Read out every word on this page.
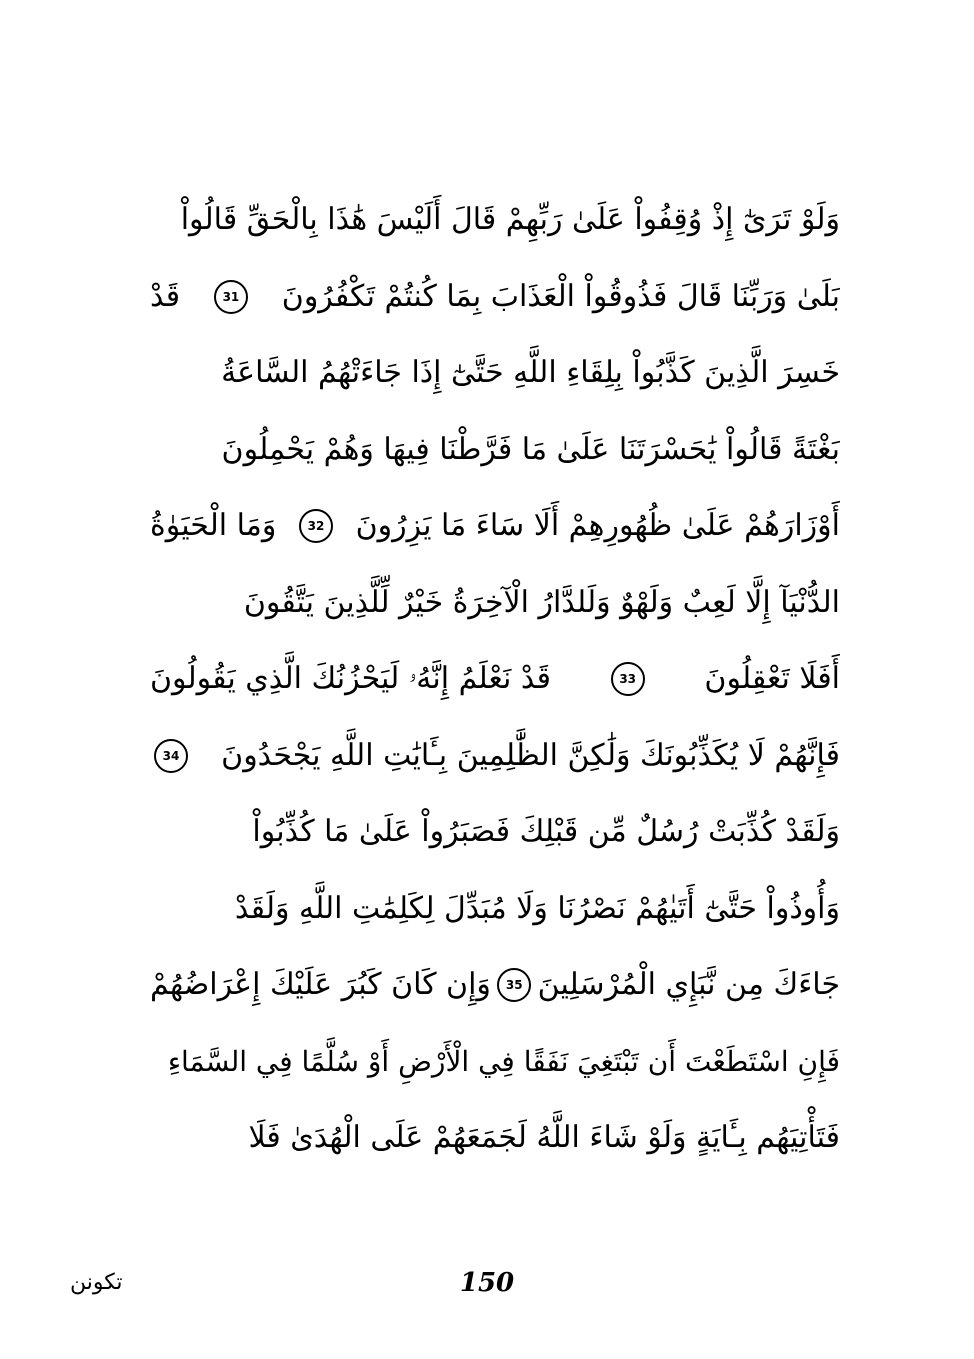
وَلَوْ تَرَىٰٓ إِذْ وُقِفُواْ عَلَىٰ رَبِّهِمْ قَالَ أَلَيْسَ هَٰذَا بِالْحَقِّ قَالُواْ
بَلَىٰ وَرَبِّنَا قَالَ فَذُوقُواْ الْعَذَابَ بِمَا كُنتُمْ تَكْفُرُونَ
31
قَدْ
خَسِرَ الَّذِينَ كَذَّبُواْ بِلِقَاءِ اللَّهِ حَتَّىٰٓ إِذَا جَاءَتْهُمُ السَّاعَةُ
بَغْتَةً قَالُواْ يَٰحَسْرَتَنَا عَلَىٰ مَا فَرَّطْنَا فِيهَا وَهُمْ يَحْمِلُونَ
أَوْزَارَهُمْ عَلَىٰ ظُهُورِهِمْ أَلَا سَاءَ مَا يَزِرُونَ
32
وَمَا الْحَيَوٰةُ
الدُّنْيَآ إِلَّا لَعِبٌ وَلَهْوٌ وَلَلدَّارُ الْآخِرَةُ خَيْرٌ لِّلَّذِينَ يَتَّقُونَ
أَفَلَا تَعْقِلُونَ
33
قَدْ نَعْلَمُ إِنَّهُۥ لَيَحْزُنُكَ الَّذِي يَقُولُونَ
فَإِنَّهُمْ لَا يُكَذِّبُونَكَ وَلَٰكِنَّ الظَّٰلِمِينَ بِـَٔايَٰتِ اللَّهِ يَجْحَدُونَ
34
وَلَقَدْ كُذِّبَتْ رُسُلٌ مِّن قَبْلِكَ فَصَبَرُواْ عَلَىٰ مَا كُذِّبُواْ
وَأُوذُواْ حَتَّىٰٓ أَتَيٰهُمْ نَصْرُنَا وَلَا مُبَدِّلَ لِكَلِمَٰتِ اللَّهِ وَلَقَدْ
جَاءَكَ مِن نَّبَإِي الْمُرْسَلِينَ
35
وَإِن كَانَ كَبُرَ عَلَيْكَ إِعْرَاضُهُمْ
فَإِنِ اسْتَطَعْتَ أَن تَبْتَغِيَ نَفَقًا فِي الْأَرْضِ أَوْ سُلَّمًا فِي السَّمَاءِ
فَتَأْتِيَهُم بِـَٔايَةٍ وَلَوْ شَاءَ اللَّهُ لَجَمَعَهُمْ عَلَى الْهُدَىٰ فَلَا
150
تكونن
